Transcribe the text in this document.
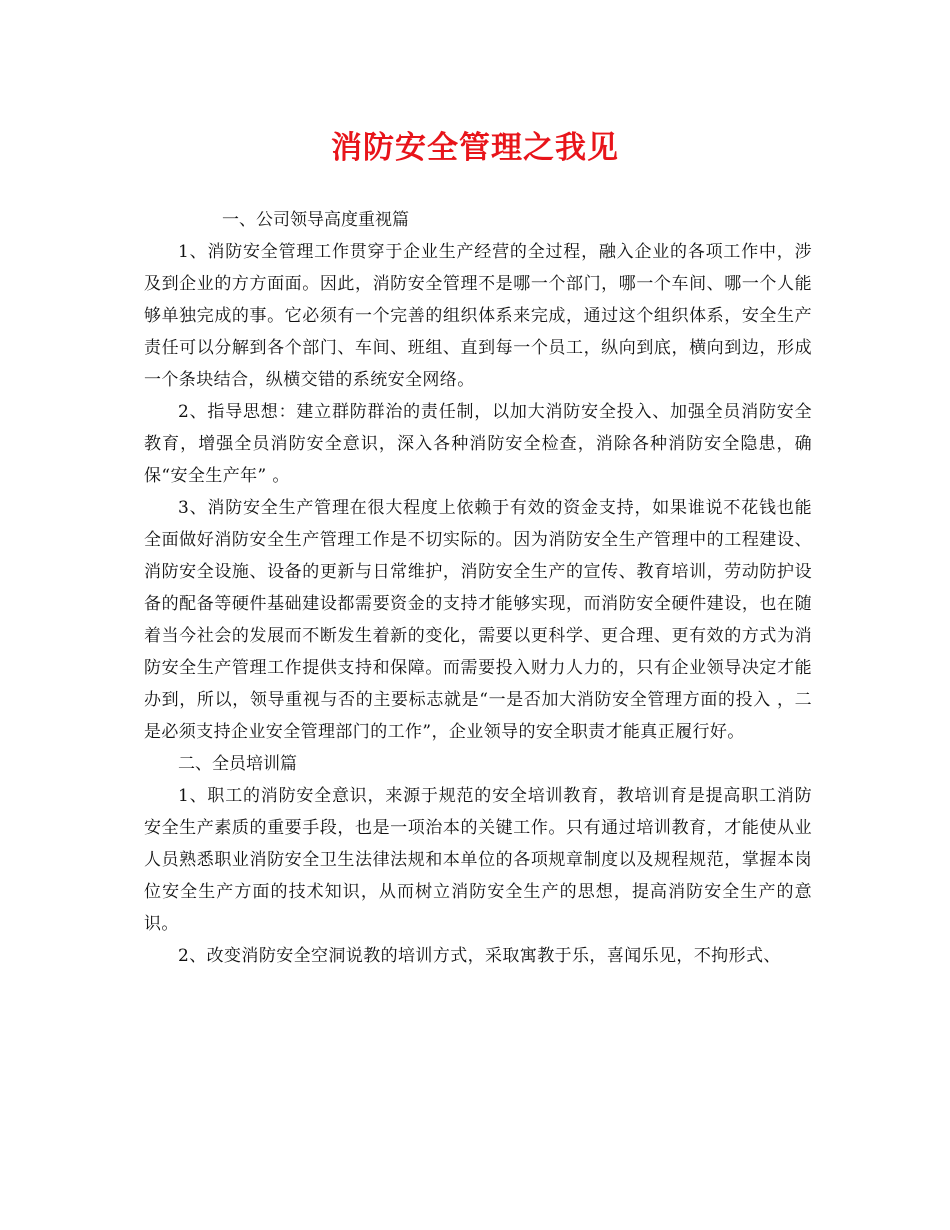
消防安全管理之我见

一、公司领导高度重视篇

1、消防安全管理工作贯穿于企业生产经营的全过程，融入企业的各项工作中，涉及到企业的方方面面。因此，消防安全管理不是哪一个部门，哪一个车间、哪一个人能够单独完成的事。它必须有一个完善的组织体系来完成，通过这个组织体系，安全生产责任可以分解到各个部门、车间、班组、直到每一个员工，纵向到底，横向到边，形成一个条块结合，纵横交错的系统安全网络。

2、指导思想：建立群防群治的责任制，以加大消防安全投入、加强全员消防安全教育，增强全员消防安全意识，深入各种消防安全检查，消除各种消防安全隐患，确保“安全生产年” 。

3、消防安全生产管理在很大程度上依赖于有效的资金支持，如果谁说不花钱也能全面做好消防安全生产管理工作是不切实际的。因为消防安全生产管理中的工程建设、消防安全设施、设备的更新与日常维护，消防安全生产的宣传、教育培训，劳动防护设备的配备等硬件基础建设都需要资金的支持才能够实现，而消防安全硬件建设，也在随着当今社会的发展而不断发生着新的变化，需要以更科学、更合理、更有效的方式为消防安全生产管理工作提供支持和保障。而需要投入财力人力的，只有企业领导决定才能办到，所以，领导重视与否的主要标志就是“一是否加大消防安全管理方面的投入 ，二是必须支持企业安全管理部门的工作”，企业领导的安全职责才能真正履行好。

二、全员培训篇

1、职工的消防安全意识，来源于规范的安全培训教育，教培训育是提高职工消防安全生产素质的重要手段，也是一项治本的关键工作。只有通过培训教育，才能使从业人员熟悉职业消防安全卫生法律法规和本单位的各项规章制度以及规程规范，掌握本岗位安全生产方面的技术知识，从而树立消防安全生产的思想，提高消防安全生产的意识。

2、改变消防安全空洞说教的培训方式，采取寓教于乐，喜闻乐见，不拘形式、
